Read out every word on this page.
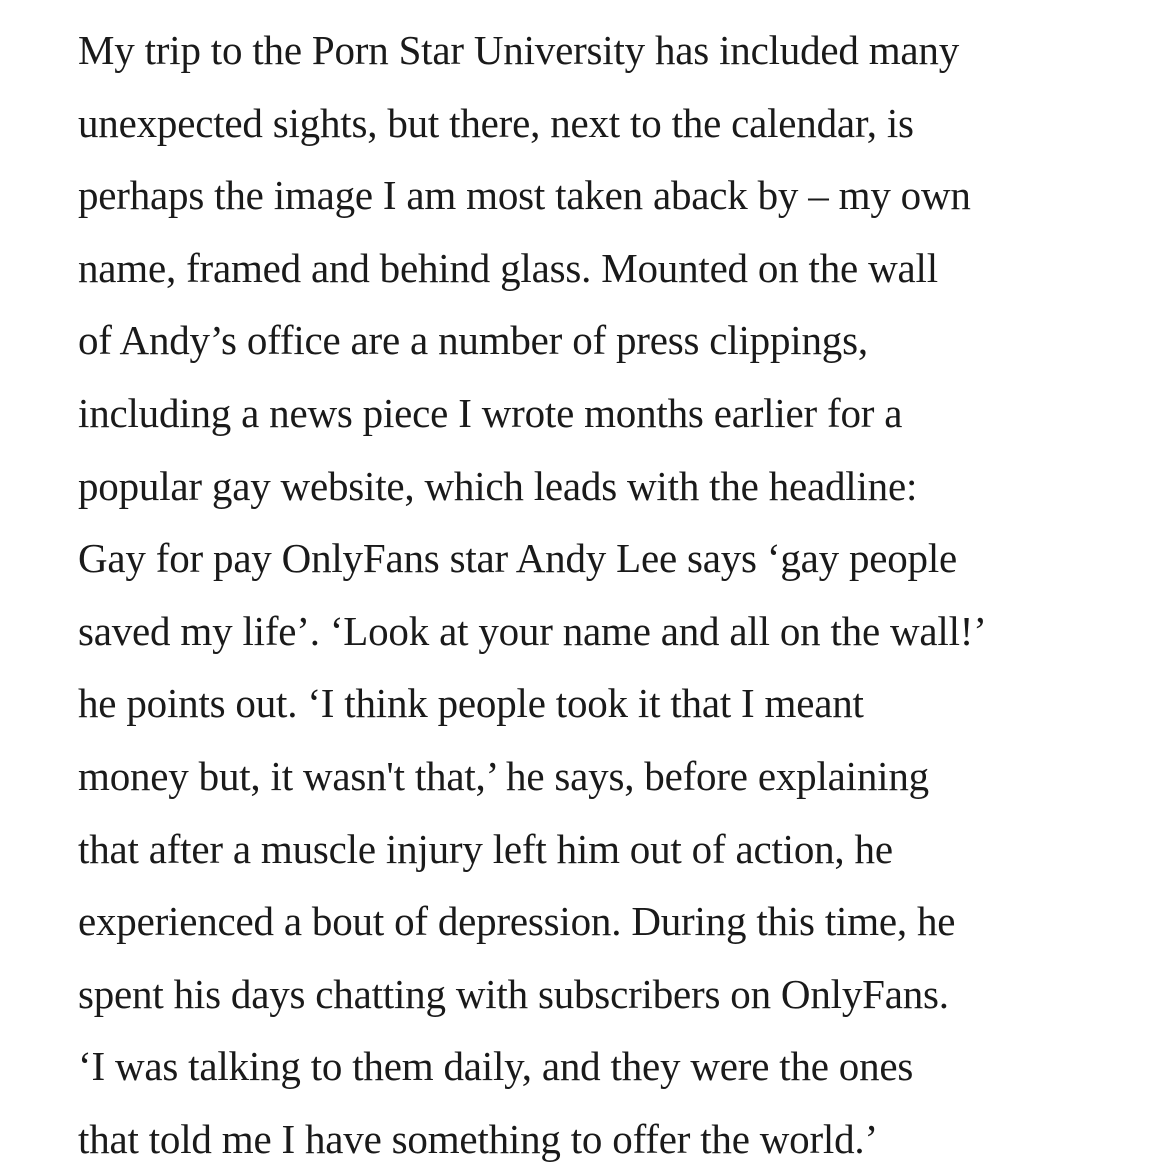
My trip to the Porn Star University has included many
unexpected sights, but there, next to the calendar, is
perhaps the image I am most taken aback by – my own
name, framed and behind glass. Mounted on the wall
of Andy’s office are a number of press clippings,
including a news piece I wrote months earlier for a
popular gay website, which leads with the headline:
Gay for pay OnlyFans star Andy Lee says ‘gay people
saved my life’. ‘Look at your name and all on the wall!’
he points out. ‘I think people took it that I meant
money but, it wasn't that,’ he says, before explaining
that after a muscle injury left him out of action, he
experienced a bout of depression. During this time, he
spent his days chatting with subscribers on OnlyFans.
‘I was talking to them daily, and they were the ones
that told me I have something to offer the world.’
